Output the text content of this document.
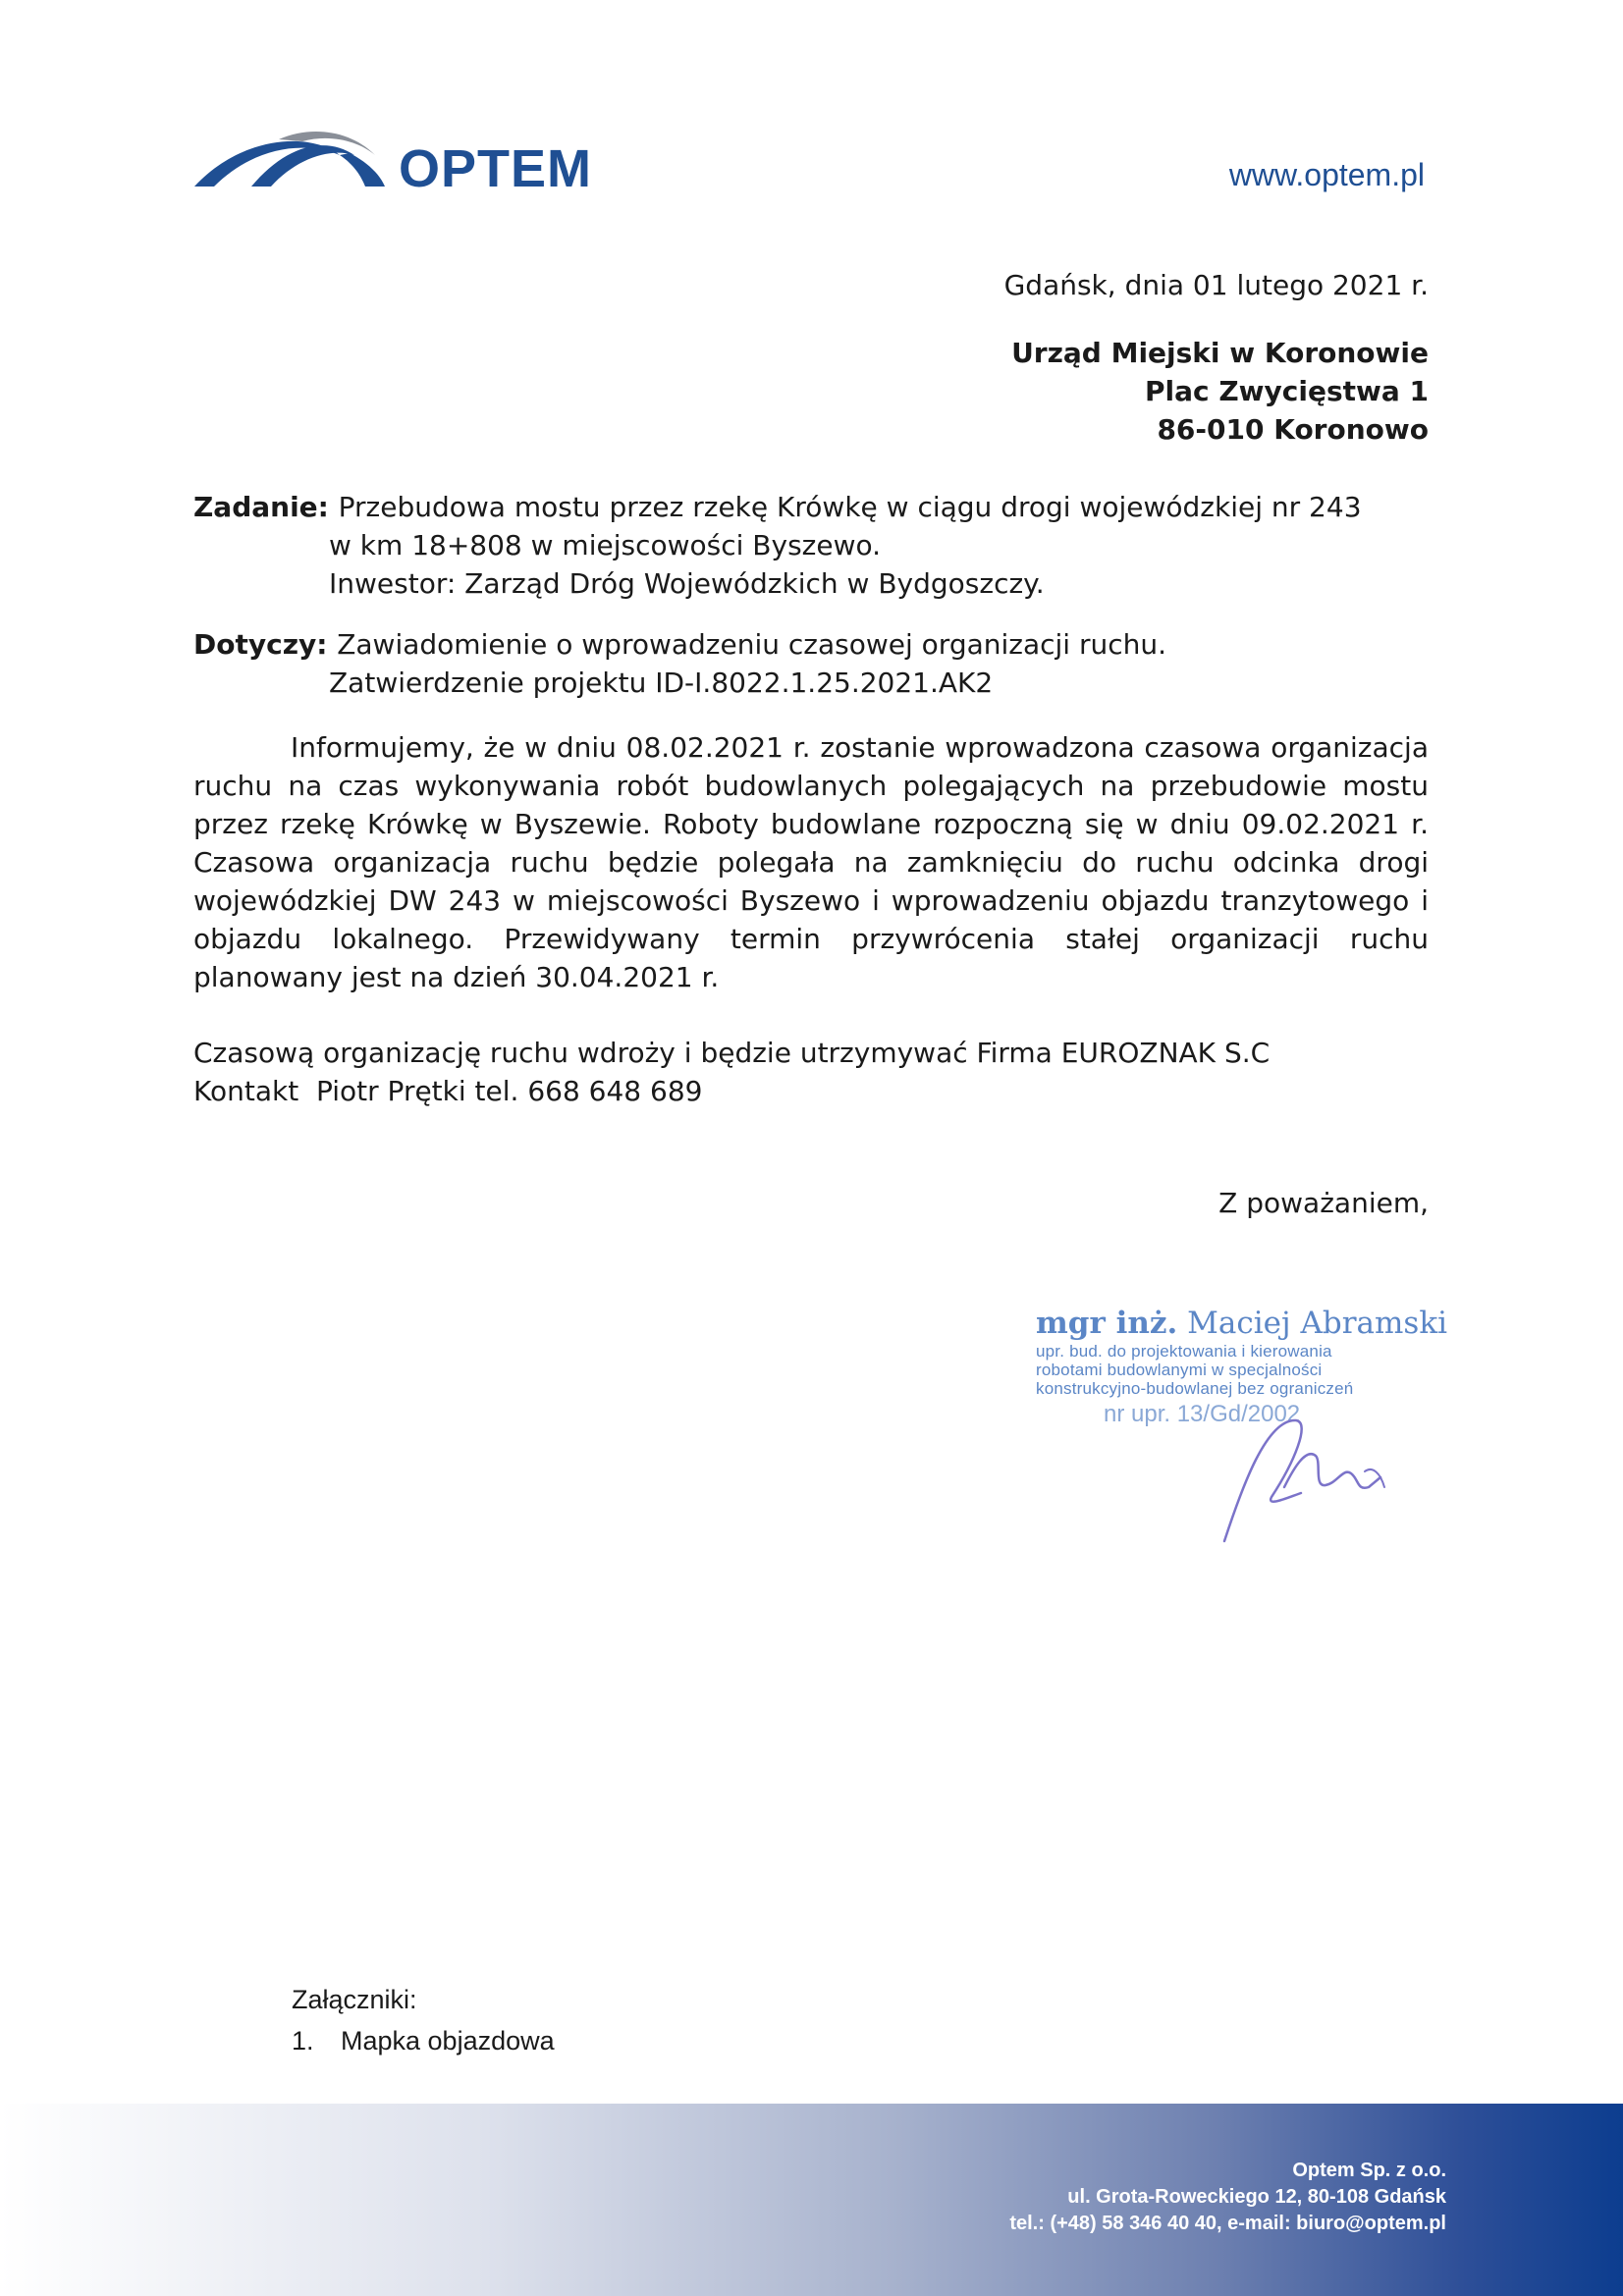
OPTEM	www.optem.pl
Gdańsk, dnia 01 lutego 2021 r.
Urząd Miejski w Koronowie
Plac Zwycięstwa 1
86-010 Koronowo
Zadanie: Przebudowa mostu przez rzekę Krówkę w ciągu drogi wojewódzkiej nr 243
w km 18+808 w miejscowości Byszewo.
Inwestor: Zarząd Dróg Wojewódzkich w Bydgoszczy.
Dotyczy: Zawiadomienie o wprowadzeniu czasowej organizacji ruchu.
Zatwierdzenie projektu ID-I.8022.1.25.2021.AK2
Informujemy, że w dniu 08.02.2021 r. zostanie wprowadzona czasowa organizacja ruchu na czas wykonywania robót budowlanych polegających na przebudowie mostu przez rzekę Krówkę w Byszewie. Roboty budowlane rozpoczną się w dniu 09.02.2021 r. Czasowa organizacja ruchu będzie polegała na zamknięciu do ruchu odcinka drogi wojewódzkiej DW 243 w miejscowości Byszewo i wprowadzeniu objazdu tranzytowego i objazdu lokalnego. Przewidywany termin przywrócenia stałej organizacji ruchu planowany jest na dzień 30.04.2021 r.
Czasową organizację ruchu wdroży i będzie utrzymywać Firma EUROZNAK S.C
Kontakt  Piotr Prętki tel. 668 648 689
Z poważaniem,
mgr inż. Maciej Abramski
upr. bud. do projektowania i kierowania
robotami budowlanymi w specjalności
konstrukcyjno-budowlanej bez ograniczeń
nr upr. 13/Gd/2002
Załączniki:
1. Mapka objazdowa
Optem Sp. z o.o.
ul. Grota-Roweckiego 12, 80-108 Gdańsk
tel.: (+48) 58 346 40 40, e-mail: biuro@optem.pl
